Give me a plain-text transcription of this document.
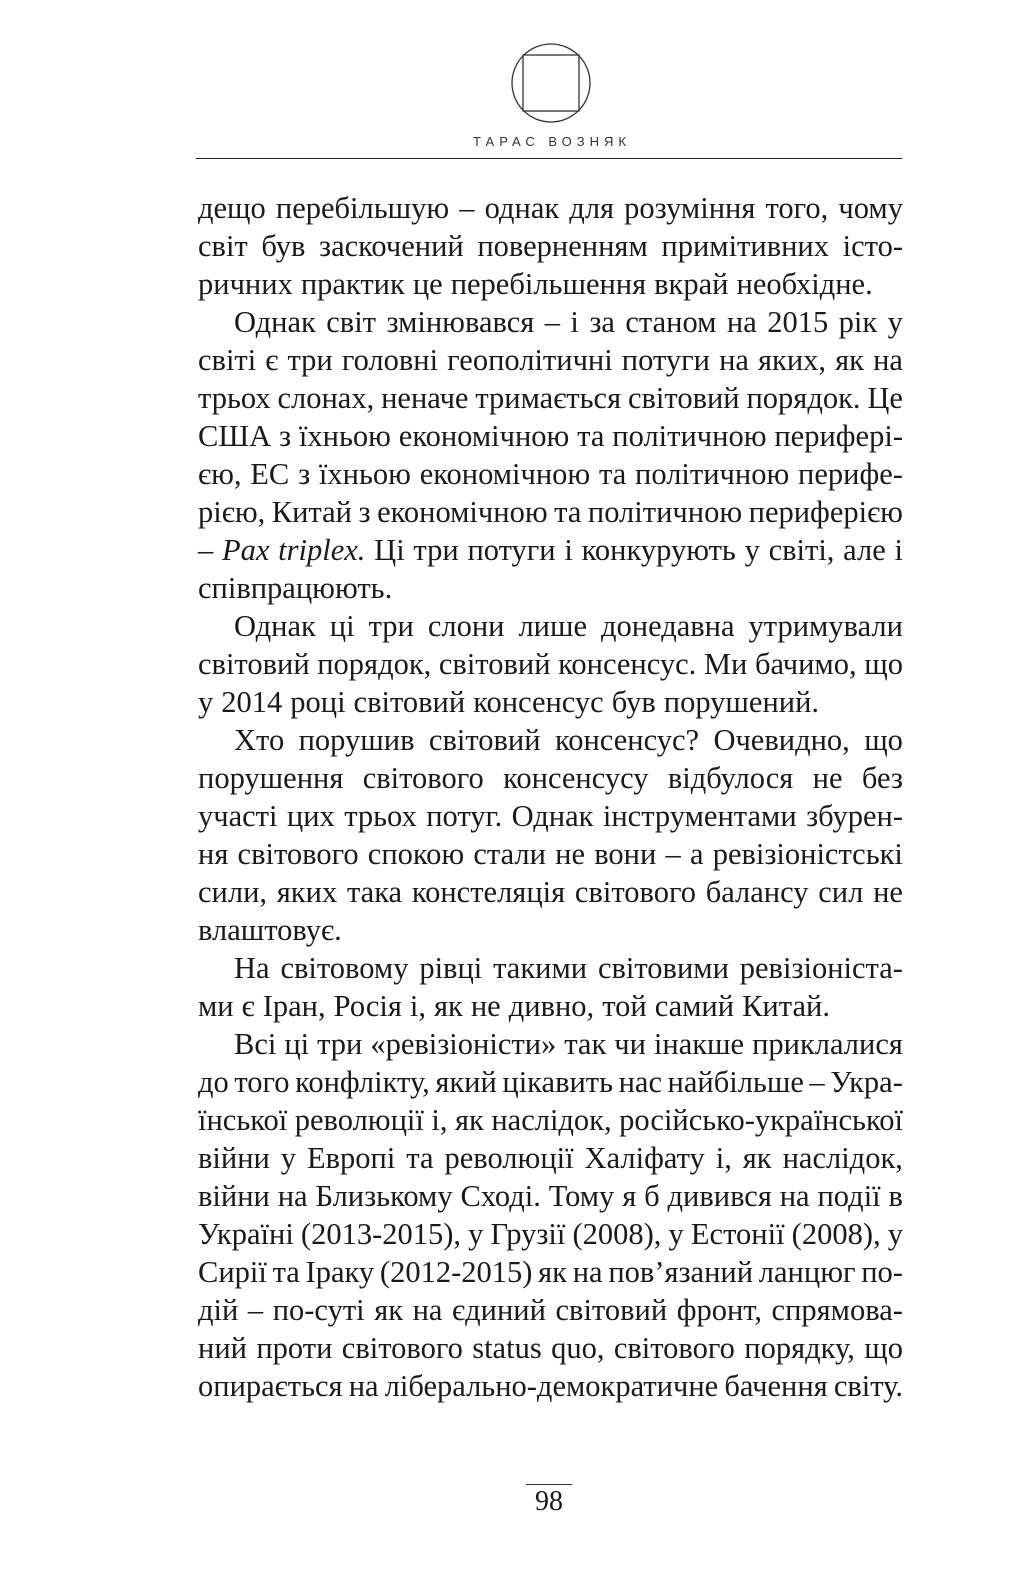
ТАРАС ВОЗНЯК
дещо перебільшую – однак для розуміння того, чому
світ був заскочений поверненням примітивних істо-
ричних практик це перебільшення вкрай необхідне.
Однак світ змінювався – і за станом на 2015 рік у
світі є три головні геополітичні потуги на яких, як на
трьох слонах, неначе тримається світовий порядок. Це
США з їхньою економічною та політичною перифері-
єю, ЕС з їхньою економічною та політичною перифе-
рією, Китай з економічною та політичною периферією
– Pax triplex. Ці три потуги і конкурують у світі, але і
співпрацюють.
Однак ці три слони лише донедавна утримували
світовий порядок, світовий консенсус. Ми бачимо, що
у 2014 році світовий консенсус був порушений.
Хто порушив світовий консенсус? Очевидно, що
порушення світового консенсусу відбулося не без
участі цих трьох потуг. Однак інструментами збурен-
ня світового спокою стали не вони – а ревізіоністські
сили, яких така констеляція світового балансу сил не
влаштовує.
На світовому рівці такими світовими ревізіоніста-
ми є Іран, Росія і, як не дивно, той самий Китай.
Всі ці три «ревізіоністи» так чи інакше приклалися
до того конфлікту, який цікавить нас найбільше – Укра-
їнської революції і, як наслідок, російсько-української
війни у Европі та революції Халіфату і, як наслідок,
війни на Близькому Сході. Тому я б дивився на події в
Україні (2013-2015), у Грузії (2008), у Естонії (2008), у
Сирії та Іраку (2012-2015) як на пов’язаний ланцюг по-
дій – по-суті як на єдиний світовий фронт, спрямова-
ний проти світового status quo, світового порядку, що
опирається на ліберально-демократичне бачення світу.
98
